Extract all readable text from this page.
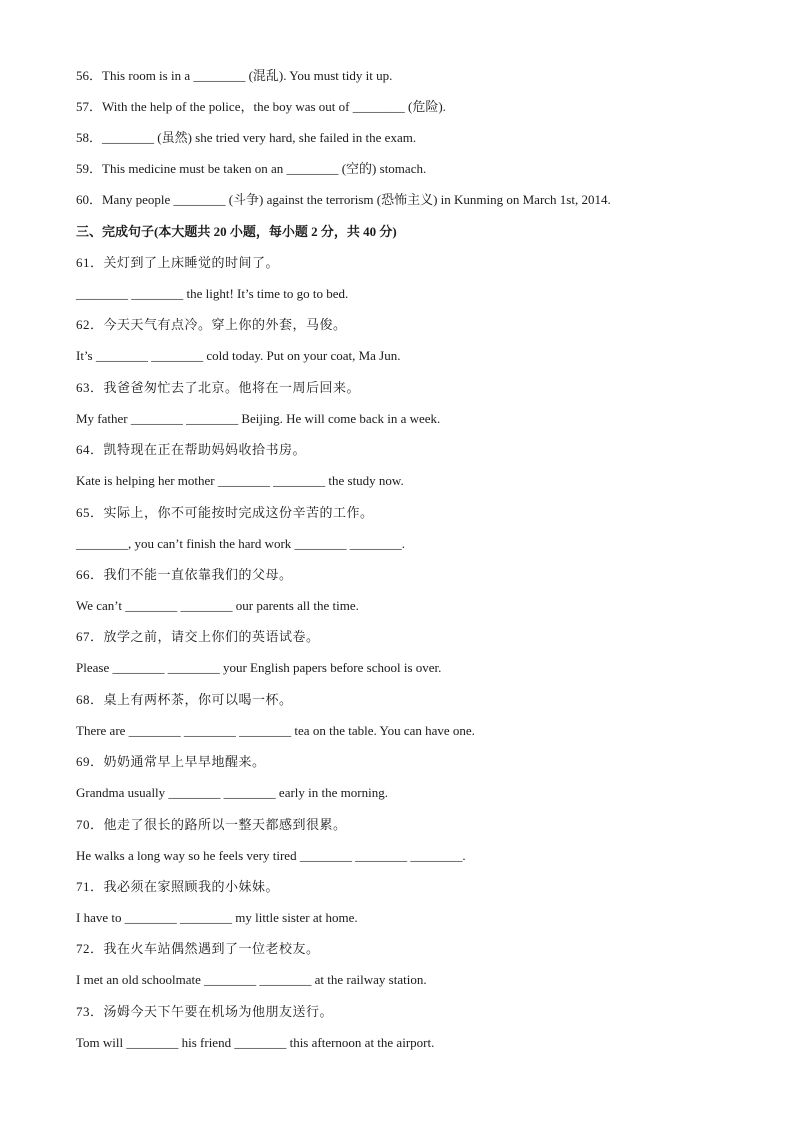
56．This room is in a ________ (混乱). You must tidy it up.
57．With the help of the police，the boy was out of ________ (危险).
58．________ (虽然) she tried very hard, she failed in the exam.
59．This medicine must be taken on an ________ (空的) stomach.
60．Many people ________ (斗争) against the terrorism (恐怖主义) in Kunming on March 1st, 2014.
三、完成句子(本大题共 20 小题，每小题 2 分，共 40 分)
61．关灯到了上床睡觉的时间了。
________ ________ the light! It’s time to go to bed.
62．今天天气有点冷。穿上你的外套，马俊。
It’s ________ ________ cold today. Put on your coat, Ma Jun.
63．我爸爸匆忙去了北京。他将在一周后回来。
My father ________ ________ Beijing. He will come back in a week.
64．凯特现在正在帮助妈妈收拾书房。
Kate is helping her mother ________ ________ the study now.
65．实际上，你不可能按时完成这份辛苦的工作。
________, you can’t finish the hard work ________ ________.
66．我们不能一直依靠我们的父母。
We can’t ________ ________ our parents all the time.
67．放学之前，请交上你们的英语试卷。
Please ________ ________ your English papers before school is over.
68．桌上有两杯茶，你可以喝一杯。
There are ________ ________ ________ tea on the table. You can have one.
69．奶奶通常早上早早地醒来。
Grandma usually ________ ________ early in the morning.
70．他走了很长的路所以一整天都感到很累。
He walks a long way so he feels very tired ________ ________ ________.
71．我必须在家照顾我的小妹妹。
I have to ________ ________ my little sister at home.
72．我在火车站偶然遇到了一位老校友。
I met an old schoolmate ________ ________ at the railway station.
73．汤姆今天下午要在机场为他朋友送行。
Tom will ________ his friend ________ this afternoon at the airport.
